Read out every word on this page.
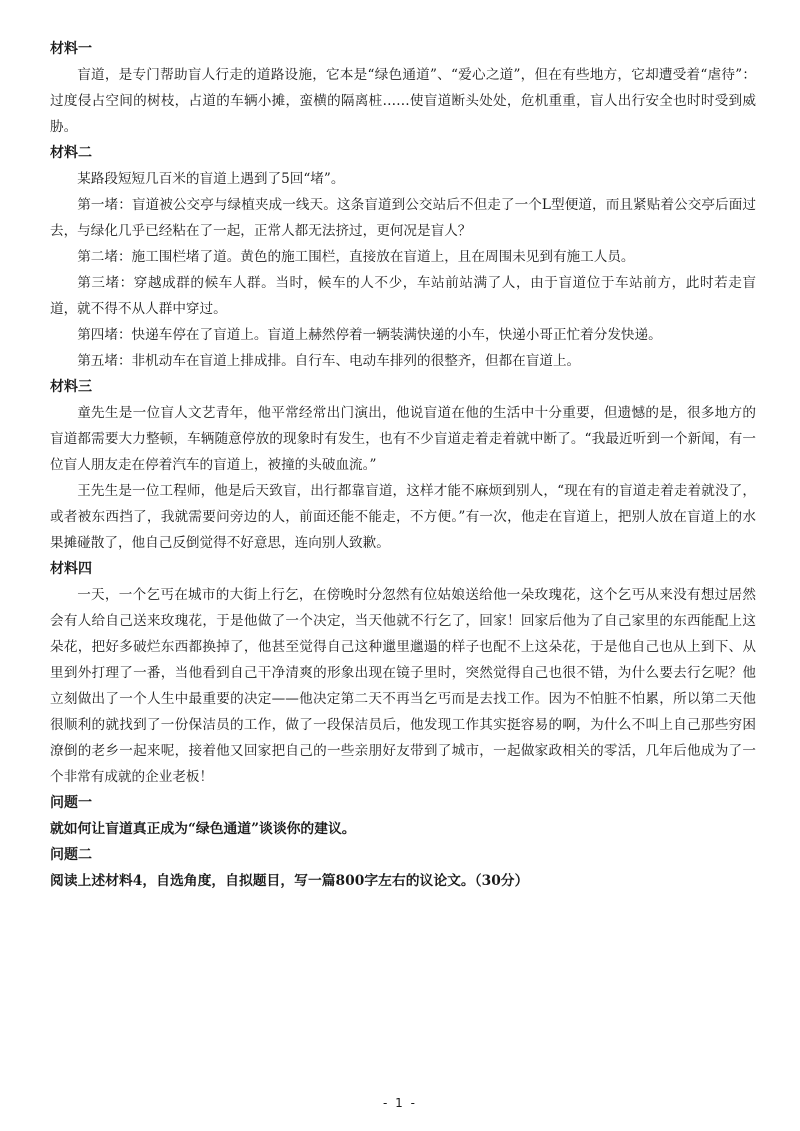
材料一

盲道，是专门帮助盲人行走的道路设施，它本是“绿色通道”、“爱心之道”，但在有些地方，它却遭受着“虐待”：过度侵占空间的树枝，占道的车辆小摊，蛮横的隔离桩……使盲道断头处处，危机重重，盲人出行安全也时时受到威胁。

材料二

某路段短短几百米的盲道上遇到了5回“堵”。

第一堵：盲道被公交亭与绿植夹成一线天。这条盲道到公交站后不但走了一个L型便道，而且紧贴着公交亭后面过去，与绿化几乎已经粘在了一起，正常人都无法挤过，更何况是盲人？

第二堵：施工围栏堵了道。黄色的施工围栏，直接放在盲道上，且在周围未见到有施工人员。

第三堵：穿越成群的候车人群。当时，候车的人不少，车站前站满了人，由于盲道位于车站前方，此时若走盲道，就不得不从人群中穿过。

第四堵：快递车停在了盲道上。盲道上赫然停着一辆装满快递的小车，快递小哥正忙着分发快递。

第五堵：非机动车在盲道上排成排。自行车、电动车排列的很整齐，但都在盲道上。

材料三

童先生是一位盲人文艺青年，他平常经常出门演出，他说盲道在他的生活中十分重要，但遗憾的是，很多地方的盲道都需要大力整顿，车辆随意停放的现象时有发生，也有不少盲道走着走着就中断了。“我最近听到一个新闻，有一位盲人朋友走在停着汽车的盲道上，被撞的头破血流。”

王先生是一位工程师，他是后天致盲，出行都靠盲道，这样才能不麻烦到别人，“现在有的盲道走着走着就没了，或者被东西挡了，我就需要问旁边的人，前面还能不能走，不方便。”有一次，他走在盲道上，把别人放在盲道上的水果摊碰散了，他自己反倒觉得不好意思，连向别人致歉。

材料四

一天，一个乞丐在城市的大街上行乞，在傍晚时分忽然有位姑娘送给他一朵玫瑰花，这个乞丐从来没有想过居然会有人给自己送来玫瑰花，于是他做了一个决定，当天他就不行乞了，回家！回家后他为了自己家里的东西能配上这朵花，把好多破烂东西都换掉了，他甚至觉得自己这种邋里邋遢的样子也配不上这朵花，于是他自己也从上到下、从里到外打理了一番，当他看到自己干净清爽的形象出现在镜子里时，突然觉得自己也很不错，为什么要去行乞呢？他立刻做出了一个人生中最重要的决定——他决定第二天不再当乞丐而是去找工作。因为不怕脏不怕累，所以第二天他很顺利的就找到了一份保洁员的工作，做了一段保洁员后，他发现工作其实挺容易的啊，为什么不叫上自己那些穷困潦倒的老乡一起来呢，接着他又回家把自己的一些亲朋好友带到了城市，一起做家政相关的零活，几年后他成为了一个非常有成就的企业老板！

问题一

就如何让盲道真正成为“绿色通道”谈谈你的建议。

问题二

阅读上述材料4，自选角度，自拟题目，写一篇800字左右的议论文。（30分）

- 1 -
